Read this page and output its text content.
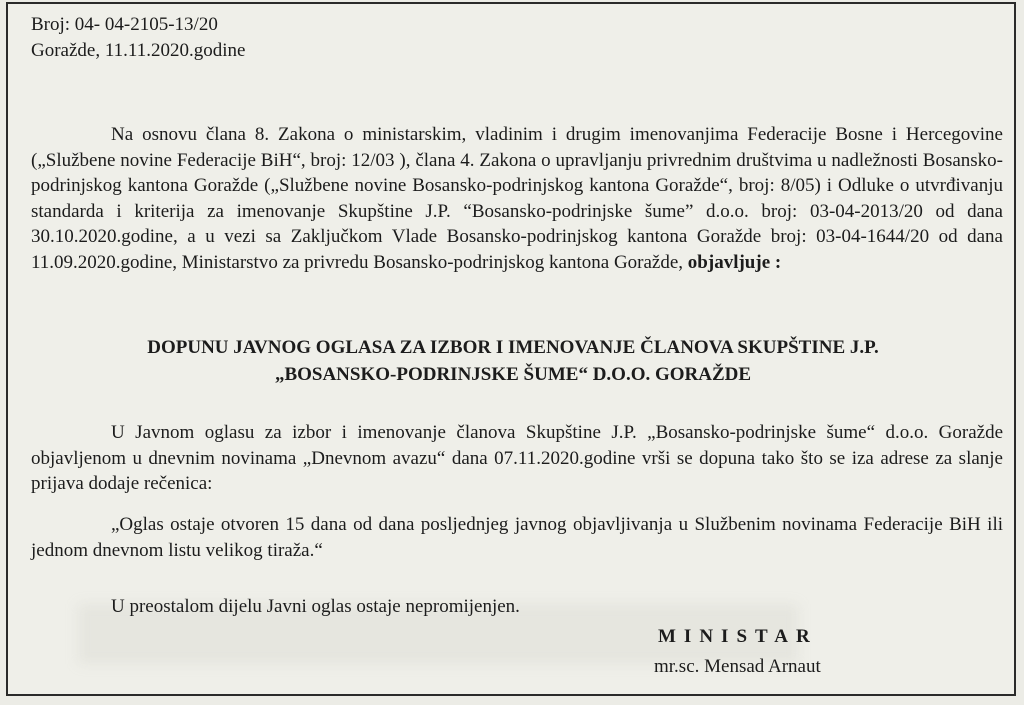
Broj: 04- 04-2105-13/20
Goražde, 11.11.2020.godine

Na osnovu člana 8. Zakona o ministarskim, vladinim i drugim imenovanjima Federacije Bosne i Hercegovine („Službene novine Federacije BiH“, broj: 12/03 ), člana 4. Zakona o upravljanju privrednim društvima u nadležnosti Bosansko-podrinjskog kantona Goražde („Službene novine Bosansko-podrinjskog kantona Goražde“, broj: 8/05) i Odluke o utvrđivanju standarda i kriterija za imenovanje Skupštine J.P. “Bosansko-podrinjske šume” d.o.o. broj: 03-04-2013/20 od dana 30.10.2020.godine, a u vezi sa Zaključkom Vlade Bosansko-podrinjskog kantona Goražde broj: 03-04-1644/20 od dana 11.09.2020.godine, Ministarstvo za privredu Bosansko-podrinjskog kantona Goražde, objavljuje :

DOPUNU JAVNOG OGLASA ZA IZBOR I IMENOVANJE ČLANOVA SKUPŠTINE J.P.
„BOSANSKO-PODRINJSKE ŠUME“ D.O.O. GORAŽDE

U Javnom oglasu za izbor i imenovanje članova Skupštine J.P. „Bosansko-podrinjske šume“ d.o.o. Goražde objavljenom u dnevnim novinama „Dnevnom avazu“ dana 07.11.2020.godine vrši se dopuna tako što se iza adrese za slanje prijava dodaje rečenica:

„Oglas ostaje otvoren 15 dana od dana posljednjeg javnog objavljivanja u Službenim novinama Federacije BiH ili jednom dnevnom listu velikog tiraža.“

U preostalom dijelu Javni oglas ostaje nepromijenjen.
MINISTAR
mr.sc. Mensad Arnaut
